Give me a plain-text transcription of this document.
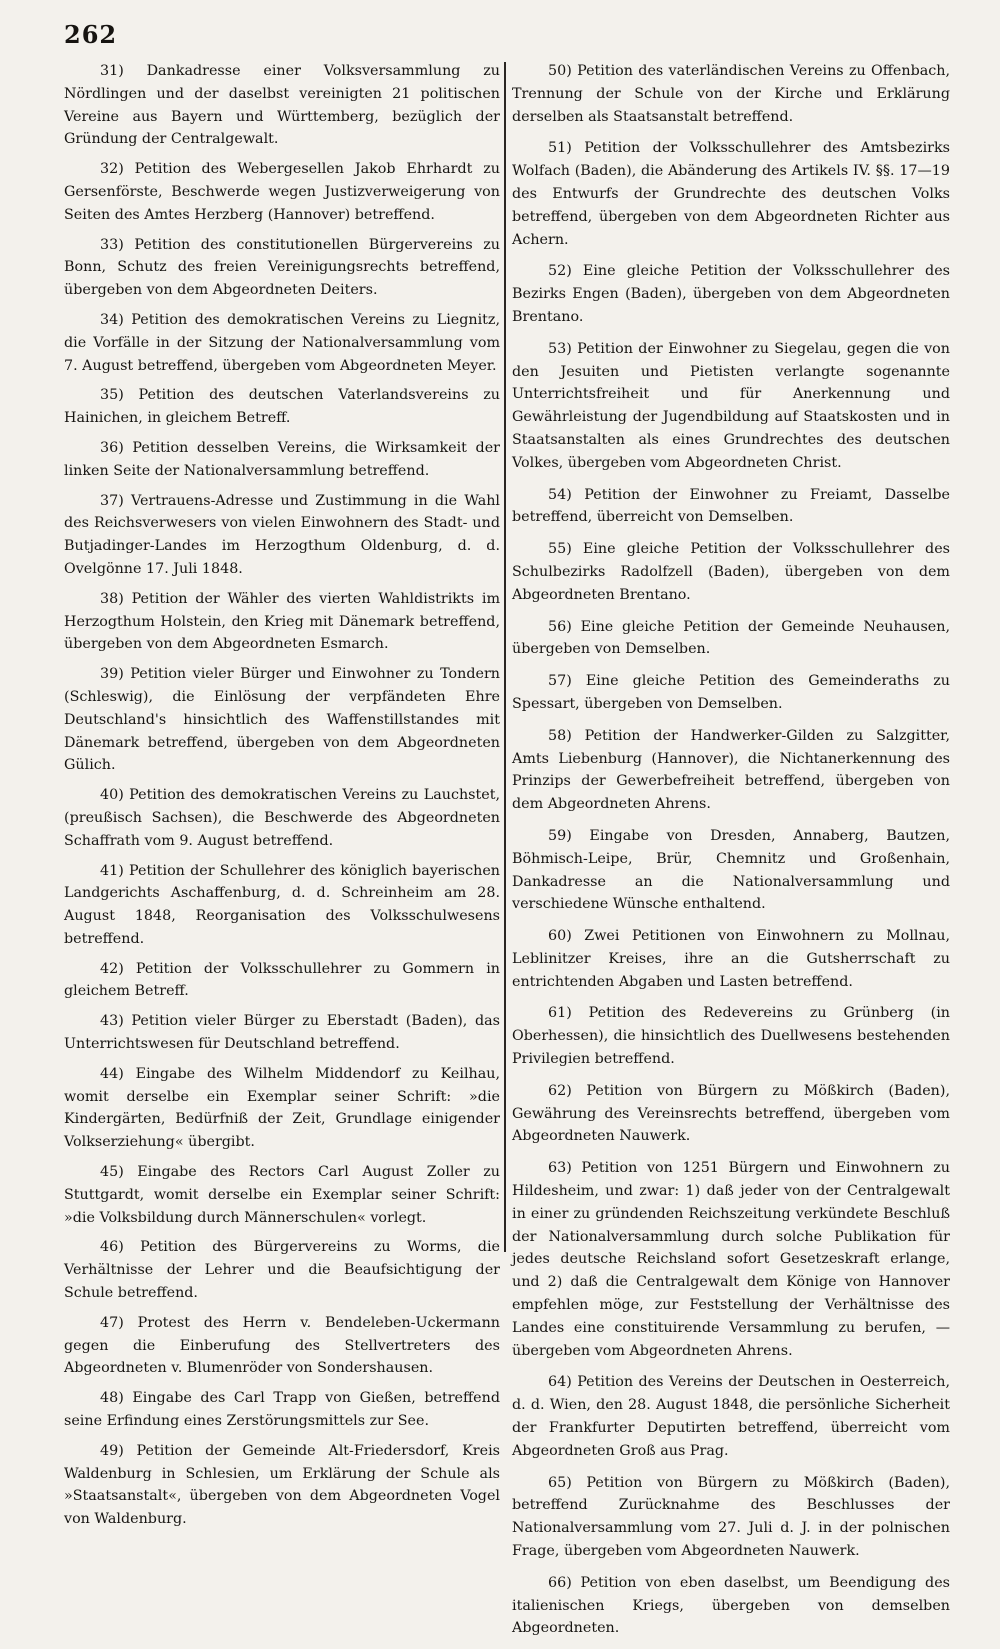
262

31) Dankadresse einer Volksversammlung zu Nördlingen und der daselbst vereinigten 21 politischen Vereine aus Bayern und Württemberg, bezüglich der Gründung der Centralgewalt.

32) Petition des Webergesellen Jakob Ehrhardt zu Gersenförste, Beschwerde wegen Justizverweigerung von Seiten des Amtes Herzberg (Hannover) betreffend.

33) Petition des constitutionellen Bürgervereins zu Bonn, Schutz des freien Vereinigungsrechts betreffend, übergeben von dem Abgeordneten Deiters.

34) Petition des demokratischen Vereins zu Liegnitz, die Vorfälle in der Sitzung der Nationalversammlung vom 7. August betreffend, übergeben vom Abgeordneten Meyer.

35) Petition des deutschen Vaterlandsvereins zu Hainichen, in gleichem Betreff.

36) Petition desselben Vereins, die Wirksamkeit der linken Seite der Nationalversammlung betreffend.

37) Vertrauens-Adresse und Zustimmung in die Wahl des Reichsverwesers von vielen Einwohnern des Stadt- und Butjadinger-Landes im Herzogthum Oldenburg, d. d. Ovelgönne 17. Juli 1848.

38) Petition der Wähler des vierten Wahldistrikts im Herzogthum Holstein, den Krieg mit Dänemark betreffend, übergeben von dem Abgeordneten Esmarch.

39) Petition vieler Bürger und Einwohner zu Tondern (Schleswig), die Einlösung der verpfändeten Ehre Deutschland's hinsichtlich des Waffenstillstandes mit Dänemark betreffend, übergeben von dem Abgeordneten Gülich.

40) Petition des demokratischen Vereins zu Lauchstet, (preußisch Sachsen), die Beschwerde des Abgeordneten Schaffrath vom 9. August betreffend.

41) Petition der Schullehrer des königlich bayerischen Landgerichts Aschaffenburg, d. d. Schreinheim am 28. August 1848, Reorganisation des Volksschulwesens betreffend.

42) Petition der Volksschullehrer zu Gommern in gleichem Betreff.

43) Petition vieler Bürger zu Eberstadt (Baden), das Unterrichtswesen für Deutschland betreffend.

44) Eingabe des Wilhelm Middendorf zu Keilhau, womit derselbe ein Exemplar seiner Schrift: »die Kindergärten, Bedürfniß der Zeit, Grundlage einigender Volkserziehung« übergibt.

45) Eingabe des Rectors Carl August Zoller zu Stuttgardt, womit derselbe ein Exemplar seiner Schrift: »die Volksbildung durch Männerschulen« vorlegt.

46) Petition des Bürgervereins zu Worms, die Verhältnisse der Lehrer und die Beaufsichtigung der Schule betreffend.

47) Protest des Herrn v. Bendeleben-Uckermann gegen die Einberufung des Stellvertreters des Abgeordneten v. Blumenröder von Sondershausen.

48) Eingabe des Carl Trapp von Gießen, betreffend seine Erfindung eines Zerstörungsmittels zur See.

49) Petition der Gemeinde Alt-Friedersdorf, Kreis Waldenburg in Schlesien, um Erklärung der Schule als »Staatsanstalt«, übergeben von dem Abgeordneten Vogel von Waldenburg.

50) Petition des vaterländischen Vereins zu Offenbach, Trennung der Schule von der Kirche und Erklärung derselben als Staatsanstalt betreffend.

51) Petition der Volksschullehrer des Amtsbezirks Wolfach (Baden), die Abänderung des Artikels IV. §§. 17—19 des Entwurfs der Grundrechte des deutschen Volks betreffend, übergeben von dem Abgeordneten Richter aus Achern.

52) Eine gleiche Petition der Volksschullehrer des Bezirks Engen (Baden), übergeben von dem Abgeordneten Brentano.

53) Petition der Einwohner zu Siegelau, gegen die von den Jesuiten und Pietisten verlangte sogenannte Unterrichtsfreiheit und für Anerkennung und Gewährleistung der Jugendbildung auf Staatskosten und in Staatsanstalten als eines Grundrechtes des deutschen Volkes, übergeben vom Abgeordneten Christ.

54) Petition der Einwohner zu Freiamt, Dasselbe betreffend, überreicht von Demselben.

55) Eine gleiche Petition der Volksschullehrer des Schulbezirks Radolfzell (Baden), übergeben von dem Abgeordneten Brentano.

56) Eine gleiche Petition der Gemeinde Neuhausen, übergeben von Demselben.

57) Eine gleiche Petition des Gemeinderaths zu Spessart, übergeben von Demselben.

58) Petition der Handwerker-Gilden zu Salzgitter, Amts Liebenburg (Hannover), die Nichtanerkennung des Prinzips der Gewerbefreiheit betreffend, übergeben von dem Abgeordneten Ahrens.

59) Eingabe von Dresden, Annaberg, Bautzen, Böhmisch-Leipe, Brür, Chemnitz und Großenhain, Dankadresse an die Nationalversammlung und verschiedene Wünsche enthaltend.

60) Zwei Petitionen von Einwohnern zu Mollnau, Leblinitzer Kreises, ihre an die Gutsherrschaft zu entrichtenden Abgaben und Lasten betreffend.

61) Petition des Redevereins zu Grünberg (in Oberhessen), die hinsichtlich des Duellwesens bestehenden Privilegien betreffend.

62) Petition von Bürgern zu Mößkirch (Baden), Gewährung des Vereinsrechts betreffend, übergeben vom Abgeordneten Nauwerk.

63) Petition von 1251 Bürgern und Einwohnern zu Hildesheim, und zwar: 1) daß jeder von der Centralgewalt in einer zu gründenden Reichszeitung verkündete Beschluß der Nationalversammlung durch solche Publikation für jedes deutsche Reichsland sofort Gesetzeskraft erlange, und 2) daß die Centralgewalt dem Könige von Hannover empfehlen möge, zur Feststellung der Verhältnisse des Landes eine constituirende Versammlung zu berufen, — übergeben vom Abgeordneten Ahrens.

64) Petition des Vereins der Deutschen in Oesterreich, d. d. Wien, den 28. August 1848, die persönliche Sicherheit der Frankfurter Deputirten betreffend, überreicht vom Abgeordneten Groß aus Prag.

65) Petition von Bürgern zu Mößkirch (Baden), betreffend Zurücknahme des Beschlusses der Nationalversammlung vom 27. Juli d. J. in der polnischen Frage, übergeben vom Abgeordneten Nauwerk.

66) Petition von eben daselbst, um Beendigung des italienischen Kriegs, übergeben von demselben Abgeordneten.
